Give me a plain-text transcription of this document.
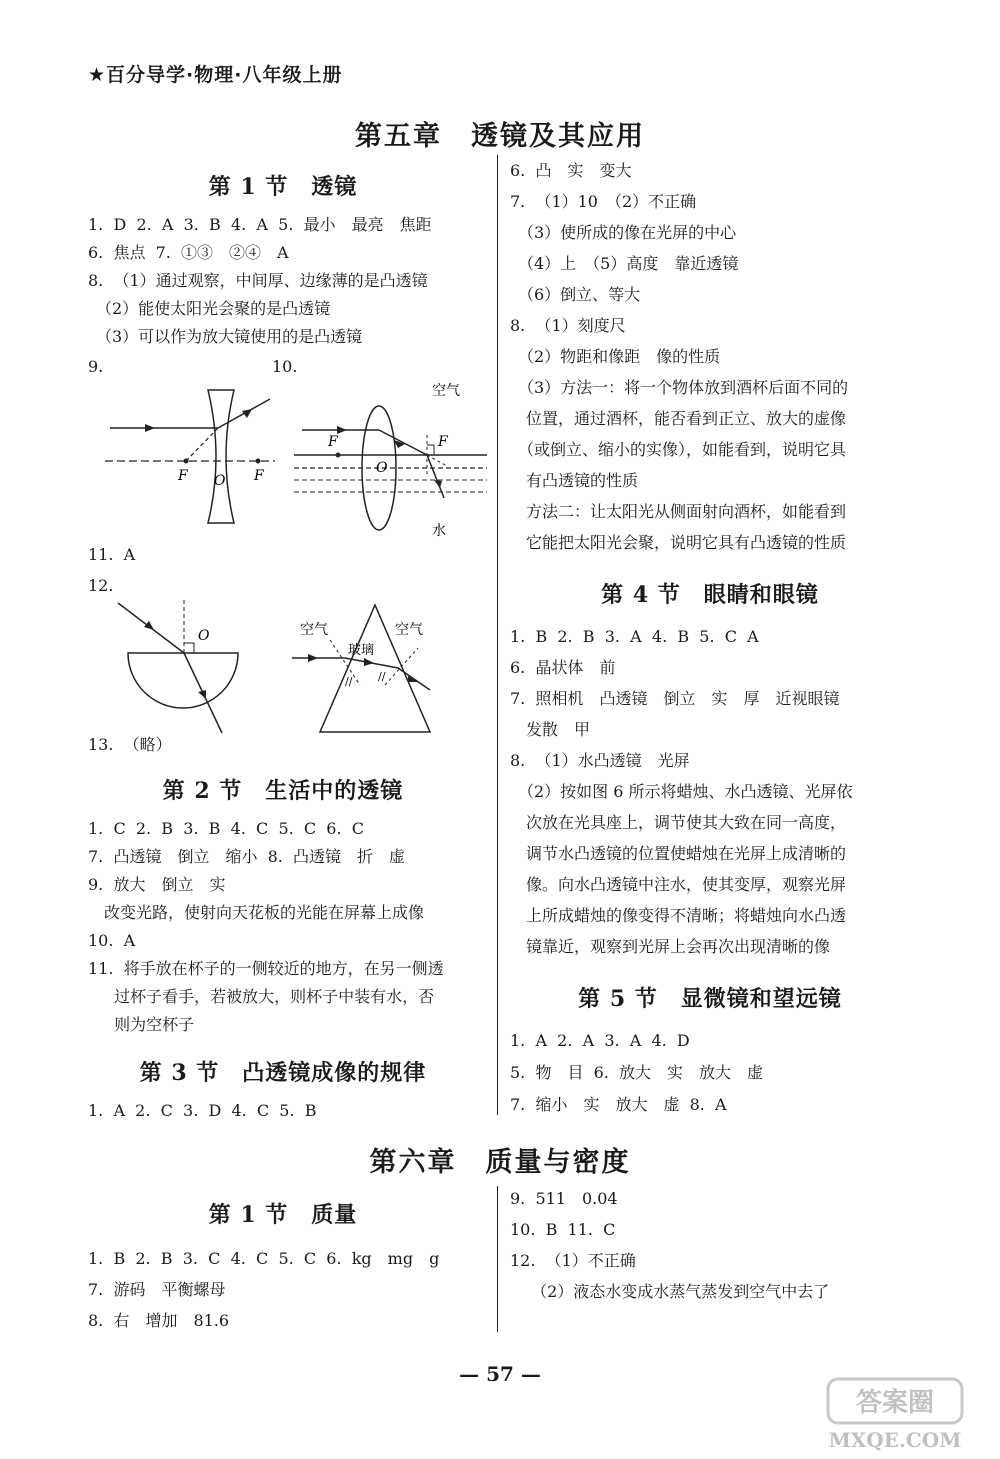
★百分导学·物理·八年级上册
第五章　透镜及其应用
第 1 节　透镜
1.  D  2.  A  3.  B  4.  A  5.  最小　最亮　焦距
6.  焦点  7.  ①③　②④　A
8.  （1）通过观察，中间厚、边缘薄的是凸透镜
　（2）能使太阳光会聚的是凸透镜
　（3）可以作为放大镜使用的是凸透镜
9.	10.
F O F
空气
F	F
O
水
11.  A
12.
O
//
//
空气	空气
玻璃
13.  （略）
第 2 节　生活中的透镜
1.  C  2.  B  3.  B  4.  C  5.  C  6.  C
7.  凸透镜　倒立　缩小  8.  凸透镜　折　虚
9.  放大　倒立　实
　改变光路，使射向天花板的光能在屏幕上成像
10.  A
11.  将手放在杯子的一侧较近的地方，在另一侧透
　  过杯子看手，若被放大，则杯子中装有水，否
　  则为空杯子
第 3 节　凸透镜成像的规律
1.  A  2.  C  3.  D  4.  C  5.  B
6.  凸　实　变大
7.  （1）10　（2）不正确
　（3）使所成的像在光屏的中心
　（4）上　（5）高度　靠近透镜
　（6）倒立、等大
8.  （1）刻度尺
　（2）物距和像距　像的性质
　（3）方法一：将一个物体放到酒杯后面不同的
　位置，通过酒杯，能否看到正立、放大的虚像
　（或倒立、缩小的实像），如能看到，说明它具
　有凸透镜的性质
　方法二：让太阳光从侧面射向酒杯，如能看到
　它能把太阳光会聚，说明它具有凸透镜的性质
第 4 节　眼睛和眼镜
1.  B  2.  B  3.  A  4.  B  5.  C  A
6.  晶状体　前
7.  照相机　凸透镜　倒立　实　厚　近视眼镜
　发散　甲
8.  （1）水凸透镜　光屏
　（2）按如图 6 所示将蜡烛、水凸透镜、光屏依
　次放在光具座上，调节使其大致在同一高度，
　调节水凸透镜的位置使蜡烛在光屏上成清晰的
　像。向水凸透镜中注水，使其变厚，观察光屏
　上所成蜡烛的像变得不清晰；将蜡烛向水凸透
　镜靠近，观察到光屏上会再次出现清晰的像
第 5 节　显微镜和望远镜
1.  A  2.  A  3.  A  4.  D
5.  物　目  6.  放大　实　放大　虚
7.  缩小　实　放大　虚  8.  A
第六章　质量与密度
第 1 节　质量
1.  B  2.  B  3.  C  4.  C  5.  C  6.  kg　mg　g
7.  游码　平衡螺母
8.  右　增加　81.6
9.  511　0.04
10.  B  11.  C
12.  （1）不正确
　 （2）液态水变成水蒸气蒸发到空气中去了
— 57 —
答案圈
MXQE.COM
